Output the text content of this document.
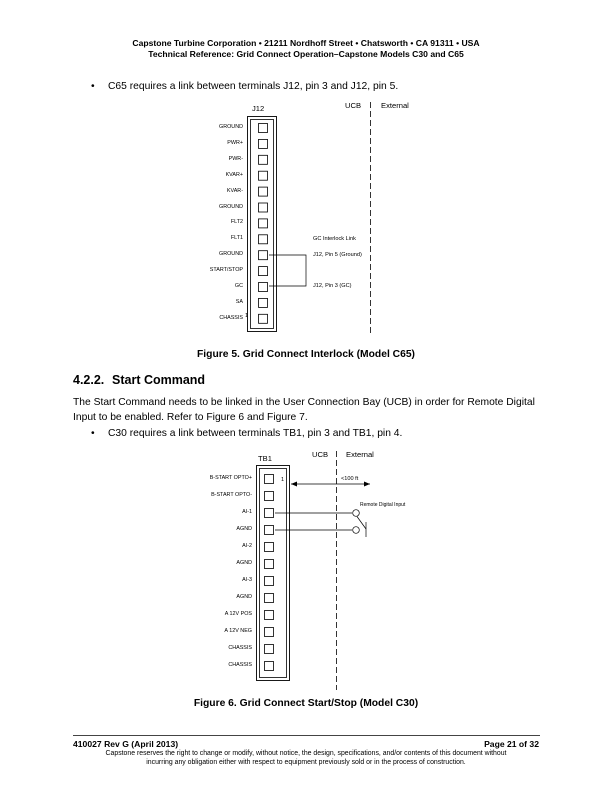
Capstone Turbine Corporation • 21211 Nordhoff Street • Chatsworth • CA 91311 • USA
Technical Reference: Grid Connect Operation–Capstone Models C30 and C65
• C65 requires a link between terminals J12, pin 3 and J12, pin 5.
J12	UCB	External
GROUND
PWR+
PWR-
KVAR+
KVAR-
GROUND
FLT2
FLT1
GROUND
START/STOP
GC
SA
CHASSIS 1
GC Interlock Link
J12, Pin 5 (Ground)
J12, Pin 3 (GC)
Figure 5. Grid Connect Interlock (Model C65)
4.2.2. Start Command
The Start Command needs to be linked in the User Connection Bay (UCB) in order for Remote Digital Input to be enabled. Refer to Figure 6 and Figure 7.
• C30 requires a link between terminals TB1, pin 3 and TB1, pin 4.
TB1	UCB External
B-START OPTO+
B-START OPTO-
AI-1
AGND
AI-2
AGND
AI-3
AGND
A 12V POS
A 12V NEG
CHASSIS
CHASSIS
1	<100 ft
Remote Digital Input
Figure 6. Grid Connect Start/Stop (Model C30)
410027 Rev G (April 2013)	Page 21 of 32
Capstone reserves the right to change or modify, without notice, the design, specifications, and/or contents of this document without
incurring any obligation either with respect to equipment previously sold or in the process of construction.
